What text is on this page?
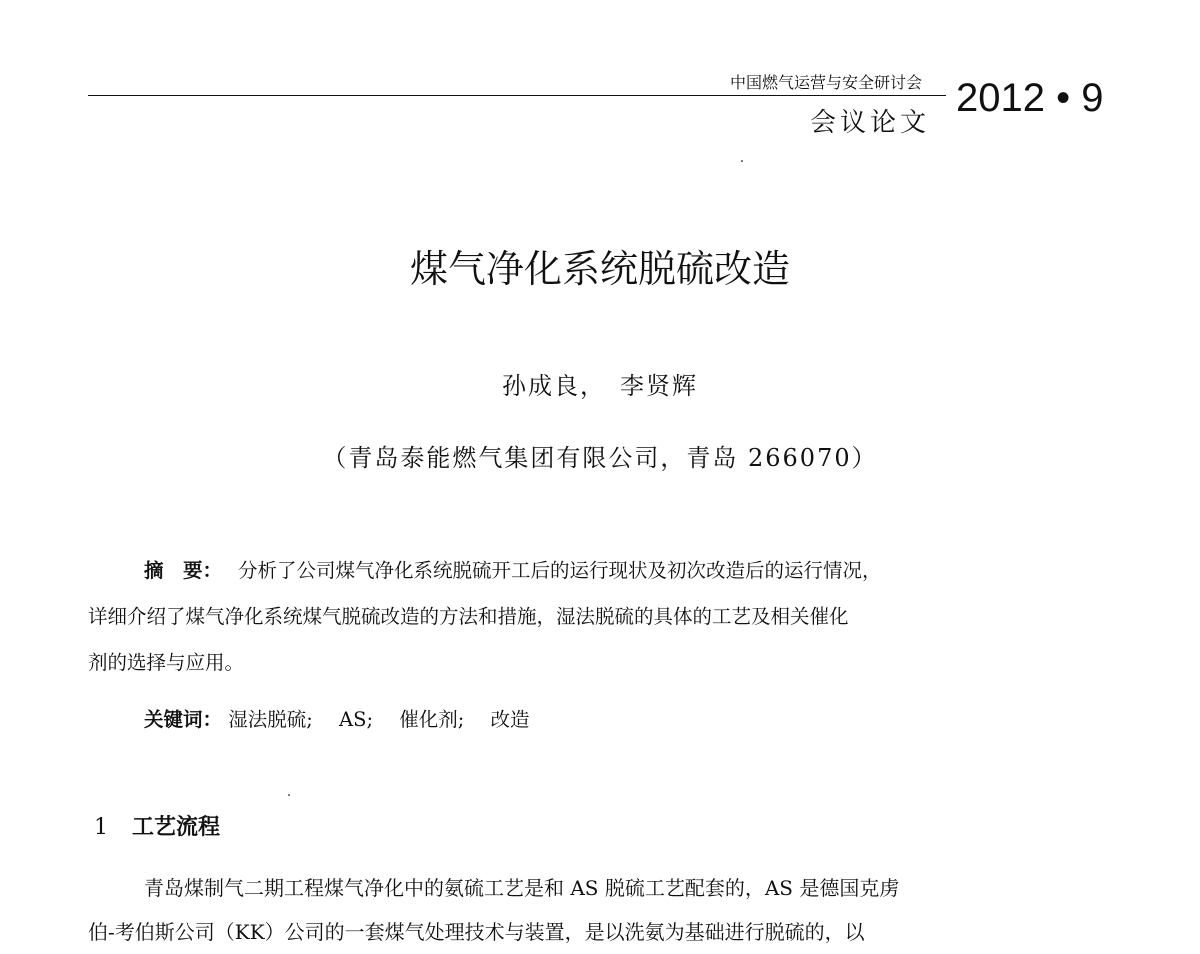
中国燃气运营与安全研讨会
会议论文
2012 • 9
煤气净化系统脱硫改造
孙成良，　李贤辉
（青岛泰能燃气集团有限公司，青岛 266070）
摘　要： 分析了公司煤气净化系统脱硫开工后的运行现状及初次改造后的运行情况，
详细介绍了煤气净化系统煤气脱硫改造的方法和措施，湿法脱硫的具体的工艺及相关催化
剂的选择与应用。
关键词： 湿法脱硫; AS; 催化剂; 改造
1 工艺流程
青岛煤制气二期工程煤气净化中的氨硫工艺是和 AS 脱硫工艺配套的，AS 是德国克虏
伯-考伯斯公司（KK）公司的一套煤气处理技术与装置，是以洗氨为基础进行脱硫的，以
